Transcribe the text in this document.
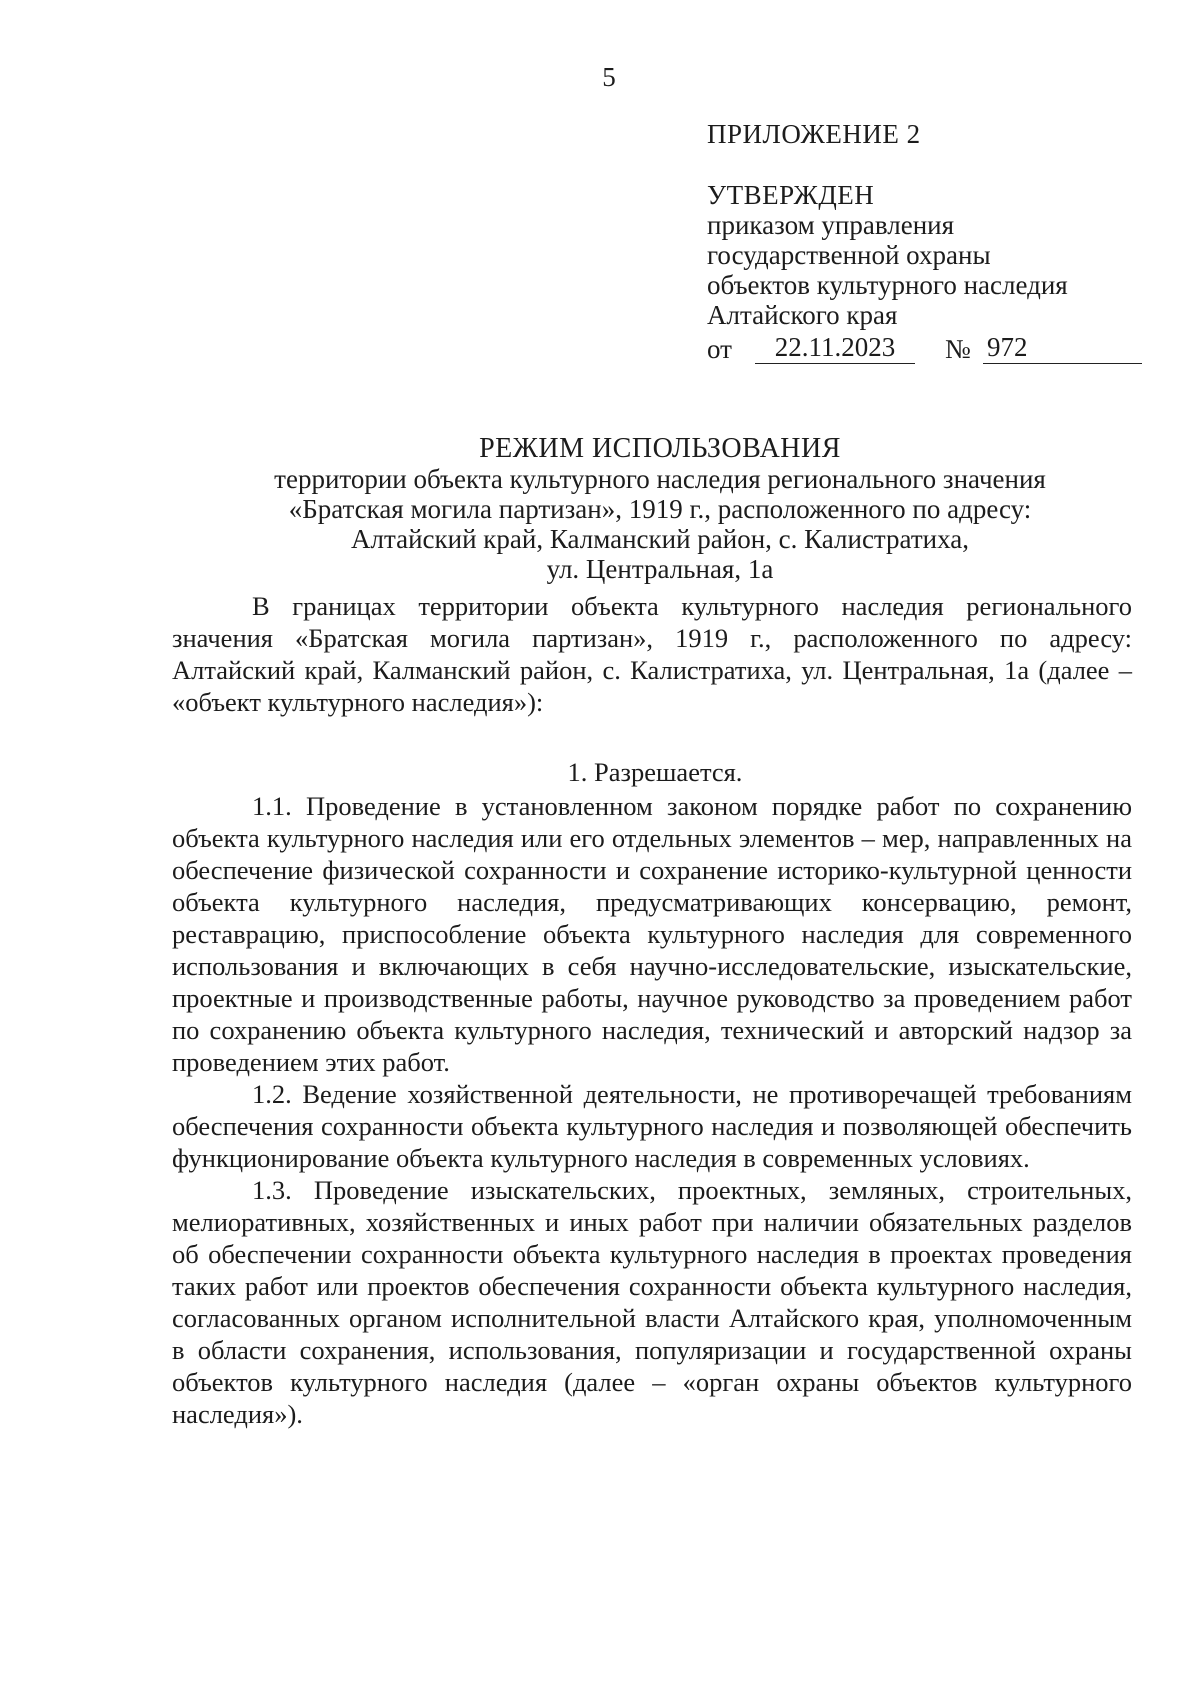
5
ПРИЛОЖЕНИЕ 2
УТВЕРЖДЕН
приказом управления
государственной охраны
объектов культурного наследия
Алтайского края
от	22.11.2023	№ 972
РЕЖИМ ИСПОЛЬЗОВАНИЯ
территории объекта культурного наследия регионального значения
«Братская могила партизан», 1919 г., расположенного по адресу:
Алтайский край, Калманский район, с. Калистратиха,
ул. Центральная, 1а
В границах территории объекта культурного наследия регионального значения «Братская могила партизан», 1919 г., расположенного по адресу: Алтайский край, Калманский район, с. Калистратиха, ул. Центральная, 1а (далее – «объект культурного наследия»):
1. Разрешается.

1.1. Проведение в установленном законом порядке работ по сохранению объекта культурного наследия или его отдельных элементов – мер, направленных на обеспечение физической сохранности и сохранение историко-культурной ценности объекта культурного наследия, предусматривающих консервацию, ремонт, реставрацию, приспособление объекта культурного наследия для современного использования и включающих в себя научно-исследовательские, изыскательские, проектные и производственные работы, научное руководство за проведением работ по сохранению объекта культурного наследия, технический и авторский надзор за проведением этих работ.

1.2. Ведение хозяйственной деятельности, не противоречащей требованиям обеспечения сохранности объекта культурного наследия и позволяющей обеспечить функционирование объекта культурного наследия в современных условиях.

1.3. Проведение изыскательских, проектных, земляных, строительных, мелиоративных, хозяйственных и иных работ при наличии обязательных разделов об обеспечении сохранности объекта культурного наследия в проектах проведения таких работ или проектов обеспечения сохранности объекта культурного наследия, согласованных органом исполнительной власти Алтайского края, уполномоченным в области сохранения, использования, популяризации и государственной охраны объектов культурного наследия (далее – «орган охраны объектов культурного наследия»).
